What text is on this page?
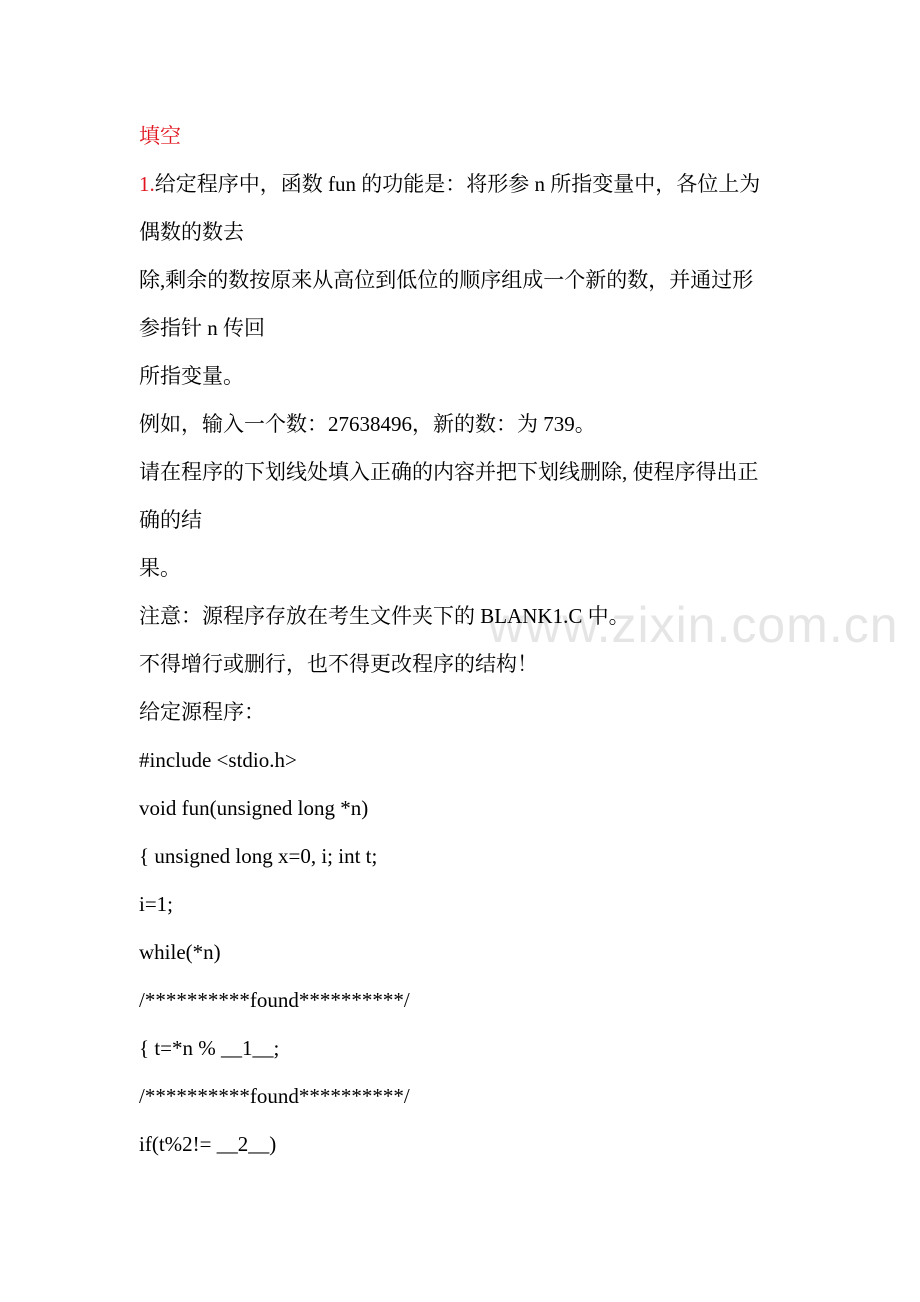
填空
1.给定程序中，函数 fun 的功能是：将形参 n 所指变量中，各位上为
偶数的数去
除,剩余的数按原来从高位到低位的顺序组成一个新的数，并通过形
参指针 n 传回
所指变量。
例如，输入一个数：27638496，新的数：为 739。
请在程序的下划线处填入正确的内容并把下划线删除, 使程序得出正
确的结
果。
注意：源程序存放在考生文件夹下的 BLANK1.C 中。
不得增行或删行，也不得更改程序的结构！
给定源程序：
#include <stdio.h>
void fun(unsigned long *n)
{ unsigned long x=0, i; int t;
i=1;
while(*n)
/**********found**********/
{ t=*n % __1__;
/**********found**********/
if(t%2!= __2__)
www.zixin.com.cn
